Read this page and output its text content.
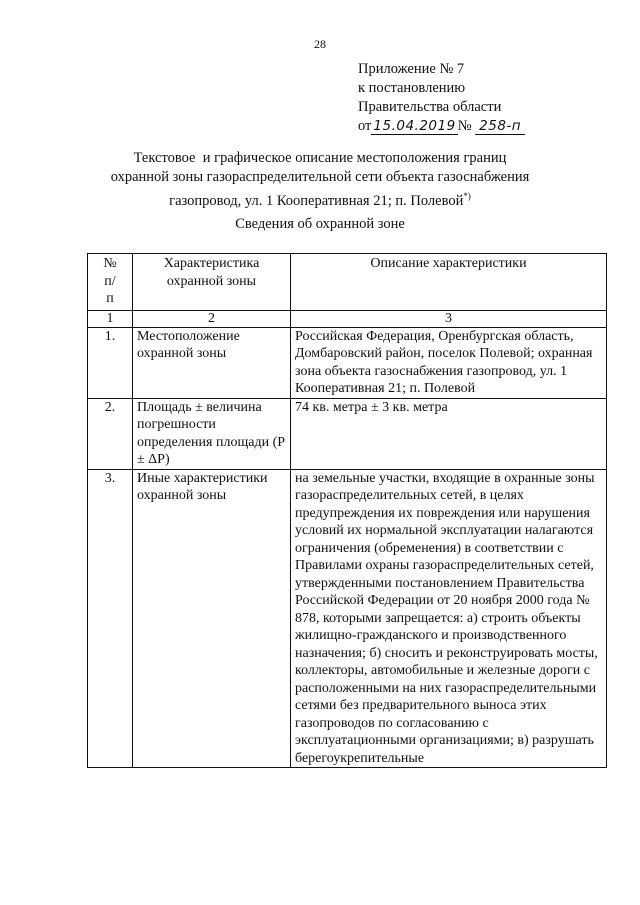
28
Приложение № 7
к постановлению
Правительства области
от 15.04.2019 № 258-п
Текстовое  и графическое описание местоположения границ
охранной зоны газораспределительной сети объекта газоснабжения
газопровод, ул. 1 Кооперативная 21; п. Полевой*)
Сведения об охранной зоне
№ п/п	Характеристика охранной зоны	Описание характеристики
1	2	3
1.	Местоположение охранной зоны	Российская Федерация, Оренбургская область, Домбаровский район, поселок Полевой; охранная зона объекта газоснабжения газопровод, ул. 1 Кооперативная 21; п. Полевой
2.	Площадь ± величина погрешности определения площади (Р ± ΔР)	74 кв. метра ± 3 кв. метра
3.	Иные характеристики охранной зоны	на земельные участки, входящие в охранные зоны газораспределительных сетей, в целях предупреждения их повреждения или нарушения условий их нормальной эксплуатации налагаются ограничения (обременения) в соответствии с Правилами охраны газораспределительных сетей, утвержденными постановлением Правительства Российской Федерации от 20 ноября 2000 года № 878, которыми запрещается: а) строить объекты жилищно-гражданского и производственного назначения; б) сносить и реконструировать мосты, коллекторы, автомобильные и железные дороги с расположенными на них газораспределительными сетями без предварительного выноса этих газопроводов по согласованию с эксплуатационными организациями; в) разрушать берегоукрепительные
